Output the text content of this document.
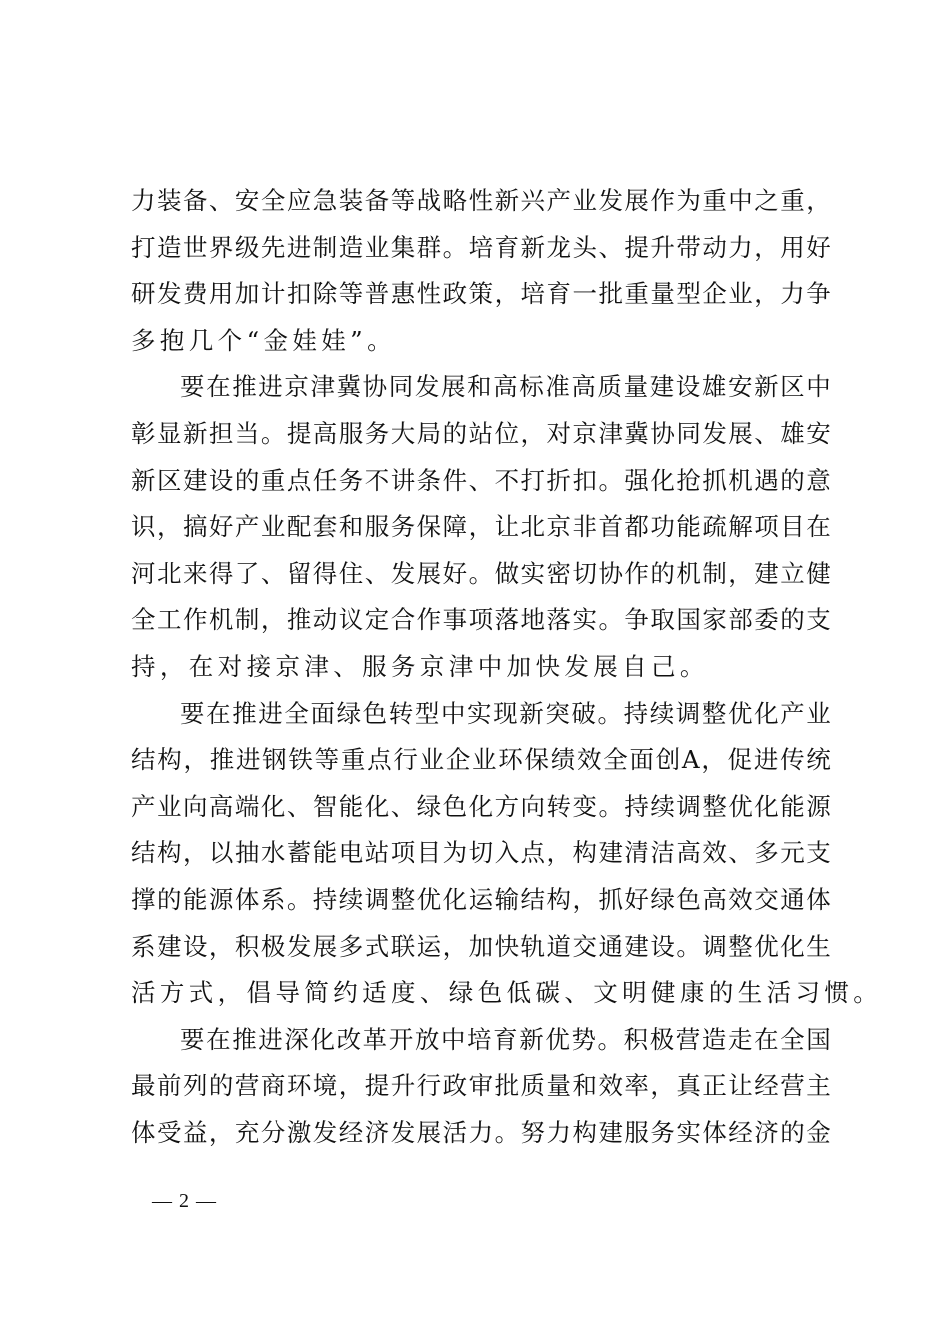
力 装 备 、 安 全 应 急 装 备 等 战 略 性 新 兴 产 业 发 展 作 为 重 中 之 重 ，
打 造 世 界 级 先 进 制 造 业 集 群 。 培 育 新 龙 头 、 提 升 带 动 力 ， 用 好
研 发 费 用 加 计 扣 除 等 普 惠 性 政 策 ， 培 育 一 批 重 量 型 企 业 ， 力 争
多 抱 几 个 “ 金 娃 娃 ” 。
要 在 推 进 京 津 冀 协 同 发 展 和 高 标 准 高 质 量 建 设 雄 安 新 区 中
彰 显 新 担 当 。 提 高 服 务 大 局 的 站 位 ， 对 京 津 冀 协 同 发 展 、 雄 安
新 区 建 设 的 重 点 任 务 不 讲 条 件 、 不 打 折 扣 。 强 化 抢 抓 机 遇 的 意
识 ， 搞 好 产 业 配 套 和 服 务 保 障 ， 让 北 京 非 首 都 功 能 疏 解 项 目 在
河 北 来 得 了 、 留 得 住 、 发 展 好 。 做 实 密 切 协 作 的 机 制 ， 建 立 健
全 工 作 机 制 ， 推 动 议 定 合 作 事 项 落 地 落 实 。 争 取 国 家 部 委 的 支
持 ， 在 对 接 京 津 、 服 务 京 津 中 加 快 发 展 自 己 。
要 在 推 进 全 面 绿 色 转 型 中 实 现 新 突 破 。 持 续 调 整 优 化 产 业
结 构 ， 推 进 钢 铁 等 重 点 行 业 企 业 环 保 绩 效 全 面 创 A ， 促 进 传 统
产 业 向 高 端 化 、 智 能 化 、 绿 色 化 方 向 转 变 。 持 续 调 整 优 化 能 源
结 构 ， 以 抽 水 蓄 能 电 站 项 目 为 切 入 点 ， 构 建 清 洁 高 效 、 多 元 支
撑 的 能 源 体 系 。 持 续 调 整 优 化 运 输 结 构 ， 抓 好 绿 色 高 效 交 通 体
系 建 设 ， 积 极 发 展 多 式 联 运 ， 加 快 轨 道 交 通 建 设 。 调 整 优 化 生
活 方 式 ， 倡 导 简 约 适 度 、 绿 色 低 碳 、 文 明 健 康 的 生 活 习 惯 。
要 在 推 进 深 化 改 革 开 放 中 培 育 新 优 势 。 积 极 营 造 走 在 全 国
最 前 列 的 营 商 环 境 ， 提 升 行 政 审 批 质 量 和 效 率 ， 真 正 让 经 营 主
体 受 益 ， 充 分 激 发 经 济 发 展 活 力 。 努 力 构 建 服 务 实 体 经 济 的 金
— 2 —
